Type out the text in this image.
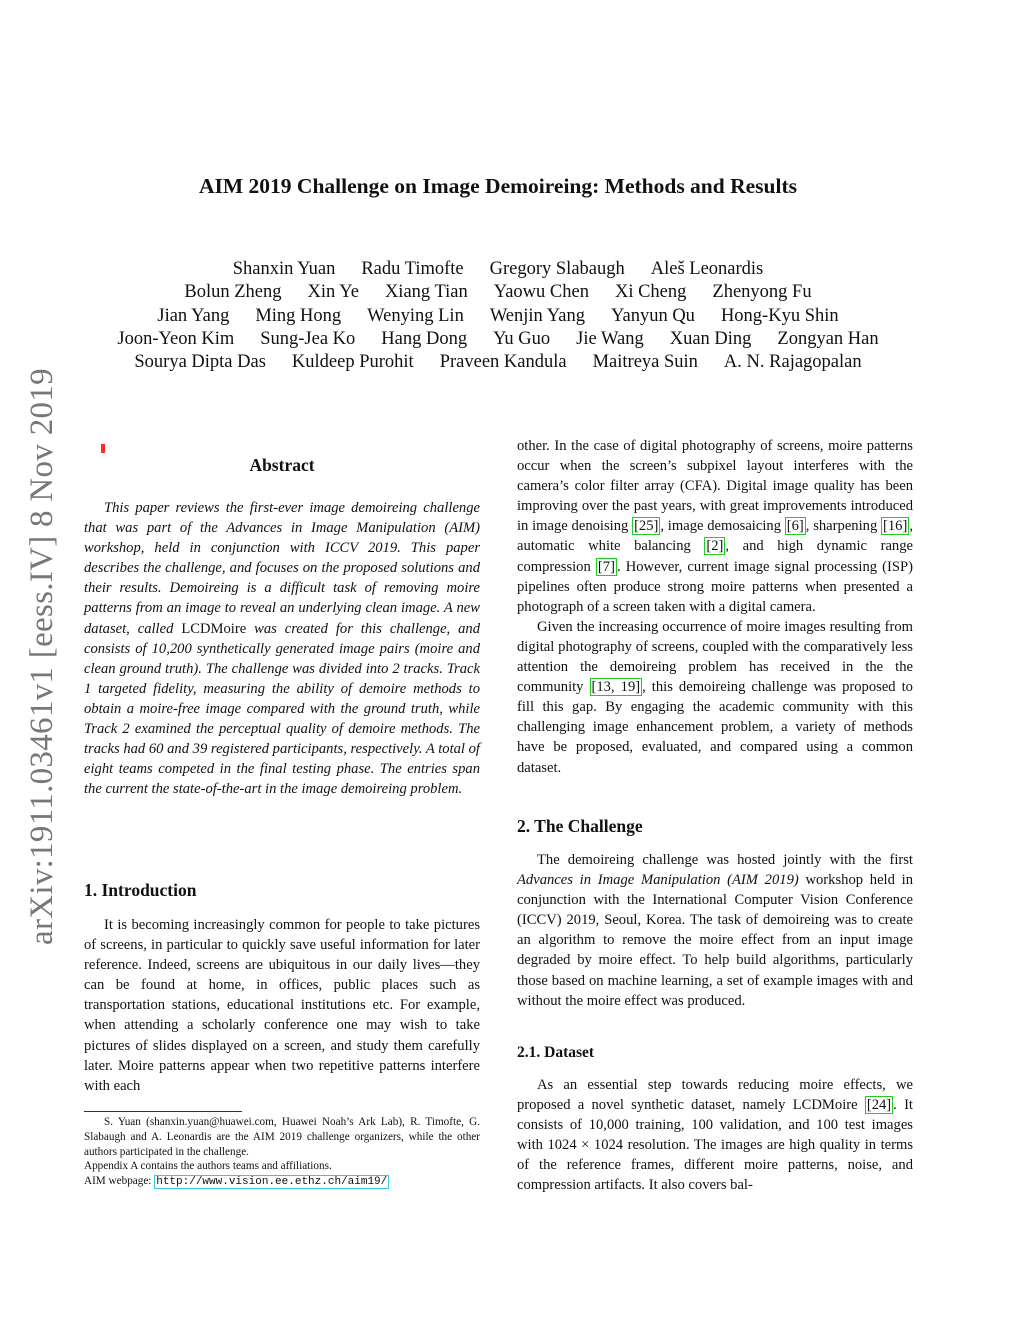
AIM 2019 Challenge on Image Demoireing: Methods and Results
Shanxin Yuan Radu Timofte Gregory Slabaugh Aleš Leonardis
Bolun Zheng Xin Ye Xiang Tian Yaowu Chen Xi Cheng Zhenyong Fu
Jian Yang Ming Hong Wenying Lin Wenjin Yang Yanyun Qu Hong-Kyu Shin
Joon-Yeon Kim Sung-Jea Ko Hang Dong Yu Guo Jie Wang Xuan Ding Zongyan Han
Sourya Dipta Das Kuldeep Purohit Praveen Kandula Maitreya Suin A. N. Rajagopalan
arXiv:1911.03461v1 [eess.IV] 8 Nov 2019	Abstract

This paper reviews the first-ever image demoireing challenge that was part of the Advances in Image Manipulation (AIM) workshop, held in conjunction with ICCV 2019. This paper describes the challenge, and focuses on the proposed solutions and their results. Demoireing is a difficult task of removing moire patterns from an image to reveal an underlying clean image. A new dataset, called LCDMoire was created for this challenge, and consists of 10,200 synthetically generated image pairs (moire and clean ground truth). The challenge was divided into 2 tracks. Track 1 targeted fidelity, measuring the ability of demoire methods to obtain a moire-free image compared with the ground truth, while Track 2 examined the perceptual quality of demoire methods. The tracks had 60 and 39 registered participants, respectively. A total of eight teams competed in the final testing phase. The entries span the current the state-of-the-art in the image demoireing problem.

1. Introduction

It is becoming increasingly common for people to take pictures of screens, in particular to quickly save useful information for later reference. Indeed, screens are ubiquitous in our daily lives—they can be found at home, in offices, public places such as transportation stations, educational institutions etc. For example, when attending a scholarly conference one may wish to take pictures of slides displayed on a screen, and study them carefully later. Moire patterns appear when two repetitive patterns interfere with each

S. Yuan (shanxin.yuan@huawei.com, Huawei Noah’s Ark Lab), R. Timofte, G. Slabaugh and A. Leonardis are the AIM 2019 challenge organizers, while the other authors participated in the challenge.

Appendix A contains the authors teams and affiliations.

AIM webpage: http://www.vision.ee.ethz.ch/aim19/

other. In the case of digital photography of screens, moire patterns occur when the screen’s subpixel layout interferes with the camera’s color filter array (CFA). Digital image quality has been improving over the past years, with great improvements introduced in image denoising [25] , image demosaicing [6] , sharpening [16] , automatic white balancing [2] , and high dynamic range compression [7] . However, current image signal processing (ISP) pipelines often produce strong moire patterns when presented a photograph of a screen taken with a digital camera.

Given the increasing occurrence of moire images resulting from digital photography of screens, coupled with the comparatively less attention the demoireing problem has received in the the community [13, 19] , this demoireing challenge was proposed to fill this gap. By engaging the academic community with this challenging image enhancement problem, a variety of methods have be proposed, evaluated, and compared using a common dataset.

2. The Challenge

The demoireing challenge was hosted jointly with the first Advances in Image Manipulation (AIM 2019) workshop held in conjunction with the International Computer Vision Conference (ICCV) 2019, Seoul, Korea. The task of demoireing was to create an algorithm to remove the moire effect from an input image degraded by moire effect. To help build algorithms, particularly those based on machine learning, a set of example images with and without the moire effect was produced.

2.1. Dataset

As an essential step towards reducing moire effects, we proposed a novel synthetic dataset, namely LCDMoire [24] . It consists of 10,000 training, 100 validation, and 100 test images with 1024 × 1024 resolution. The images are high quality in terms of the reference frames, different moire patterns, noise, and compression artifacts. It also covers bal-
